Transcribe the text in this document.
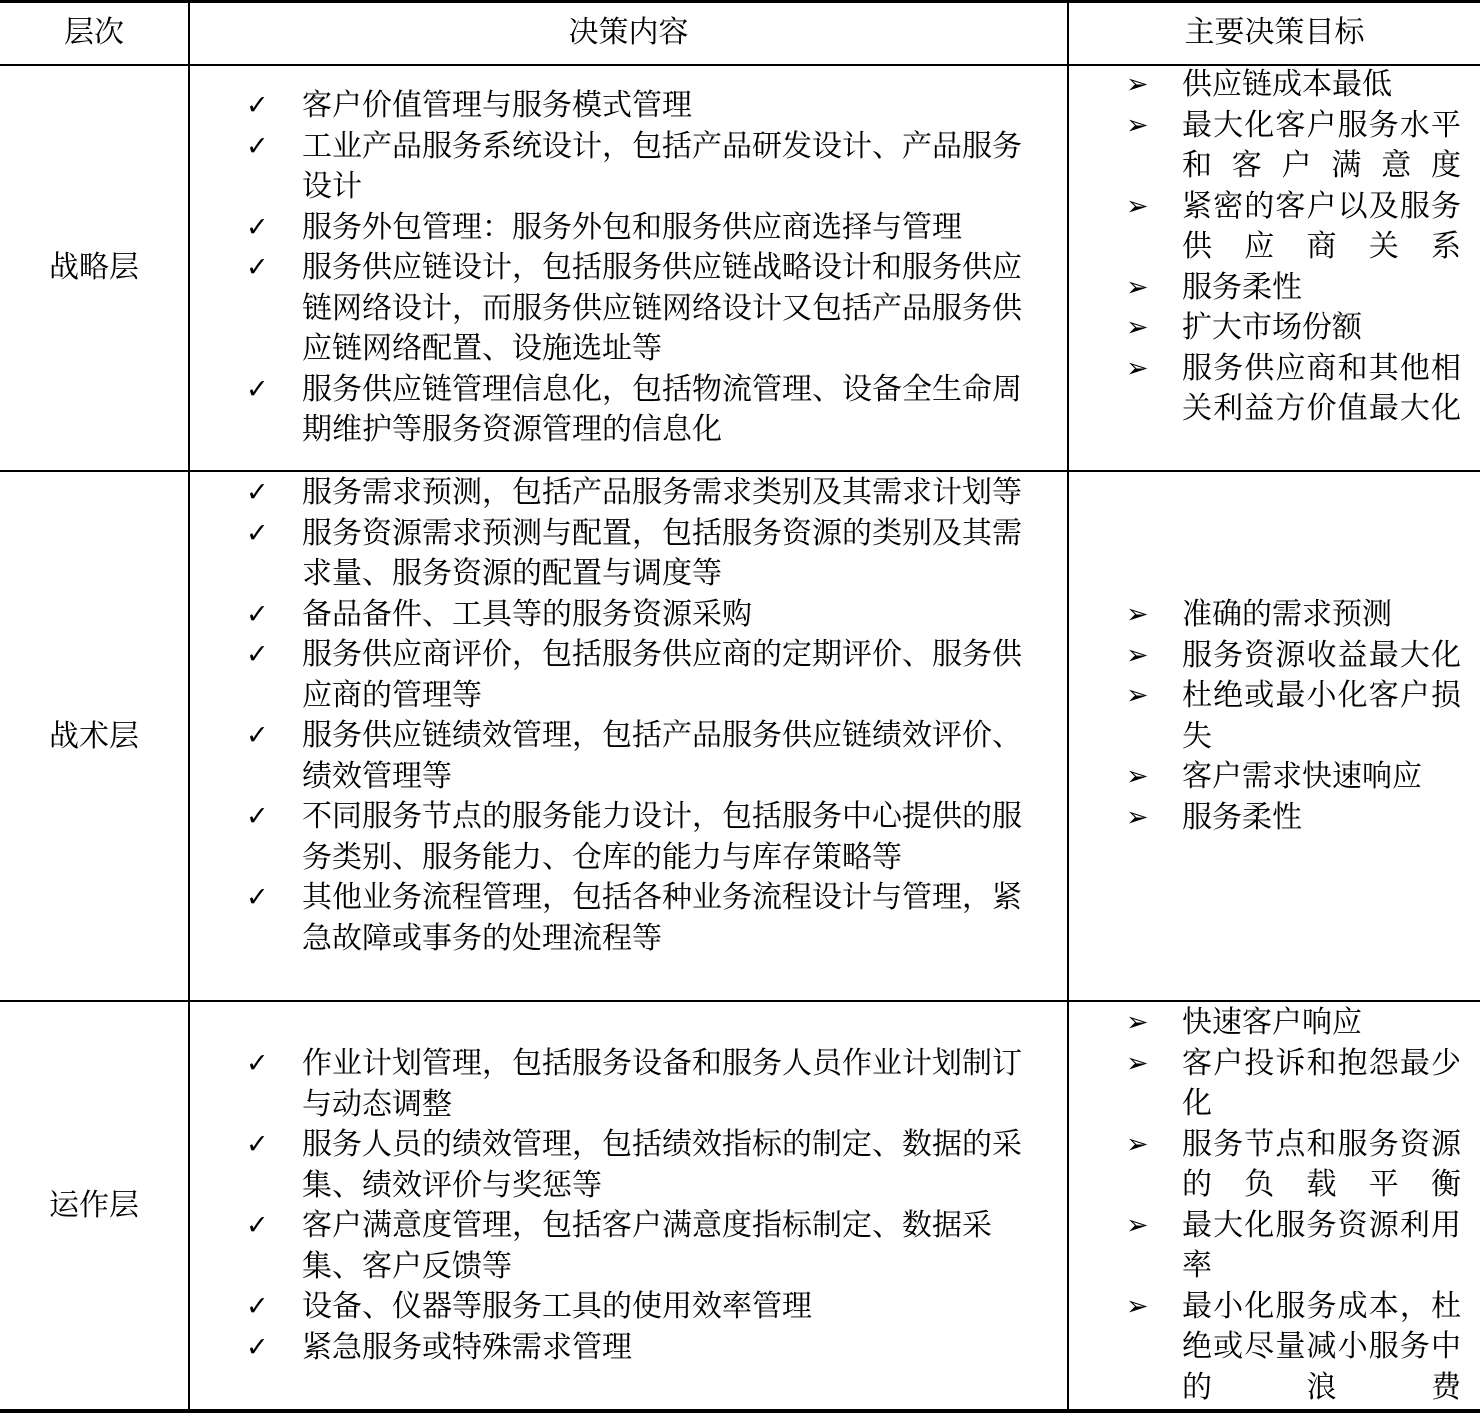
层次	决策内容	主要决策目标
战略层
战术层
运作层
✓ 客户价值管理与服务模式管理
✓ 工业产品服务系统设计，包括产品研发设计、产品服务设计
✓ 服务外包管理：服务外包和服务供应商选择与管理
✓ 服务供应链设计，包括服务供应链战略设计和服务供应链网络设计，而服务供应链网络设计又包括产品服务供应链网络配置、设施选址等
✓ 服务供应链管理信息化，包括物流管理、设备全生命周期维护等服务资源管理的信息化
➢ 供应链成本最低
➢ 最大化客户服务水平和客户满意度
➢ 紧密的客户以及服务供应商关系
➢ 服务柔性
➢ 扩大市场份额
➢ 服务供应商和其他相关利益方价值最大化
✓ 服务需求预测，包括产品服务需求类别及其需求计划等
✓ 服务资源需求预测与配置，包括服务资源的类别及其需求量、服务资源的配置与调度等
✓ 备品备件、工具等的服务资源采购
✓ 服务供应商评价，包括服务供应商的定期评价、服务供应商的管理等
✓ 服务供应链绩效管理，包括产品服务供应链绩效评价、绩效管理等
✓ 不同服务节点的服务能力设计，包括服务中心提供的服务类别、服务能力、仓库的能力与库存策略等
✓ 其他业务流程管理，包括各种业务流程设计与管理，紧急故障或事务的处理流程等
➢ 准确的需求预测
➢ 服务资源收益最大化
➢ 杜绝或最小化客户损失
➢ 客户需求快速响应
➢ 服务柔性
✓ 作业计划管理，包括服务设备和服务人员作业计划制订与动态调整
✓ 服务人员的绩效管理，包括绩效指标的制定、数据的采集、绩效评价与奖惩等
✓ 客户满意度管理，包括客户满意度指标制定、数据采集、客户反馈等
✓ 设备、仪器等服务工具的使用效率管理
✓ 紧急服务或特殊需求管理
➢ 快速客户响应
➢ 客户投诉和抱怨最少化
➢ 服务节点和服务资源的负载平衡
➢ 最大化服务资源利用率
➢ 最小化服务成本，杜绝或尽量减小服务中的浪费
